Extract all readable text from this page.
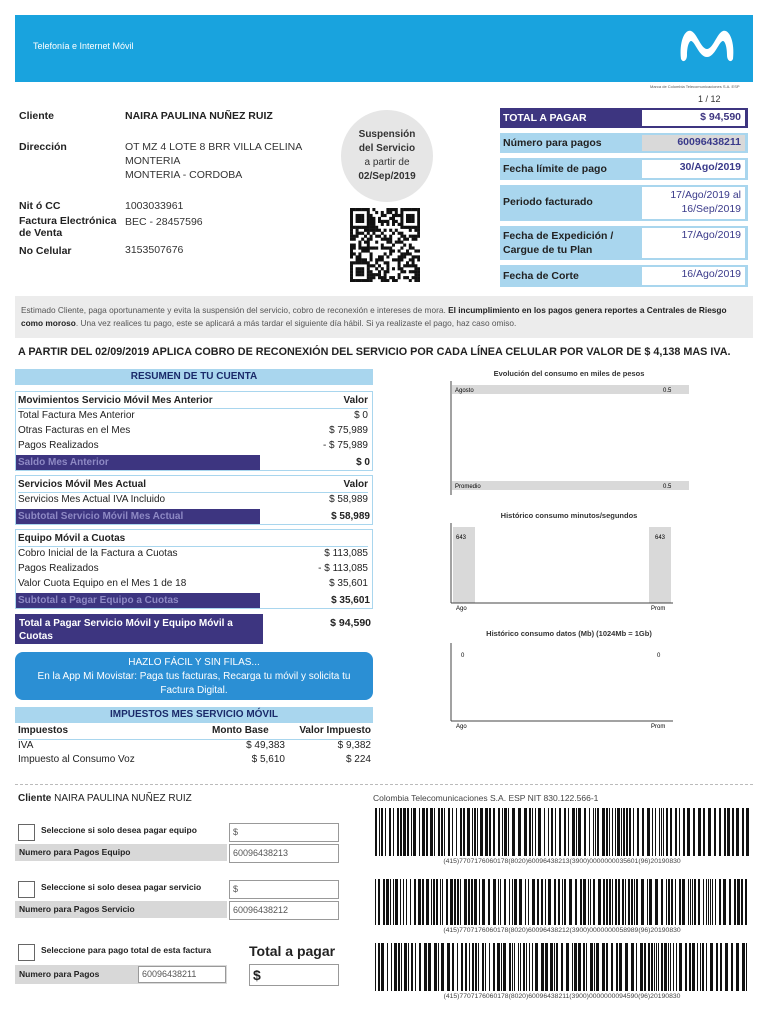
Telefonía e Internet Móvil
Marca de Colombia Telecomunicaciones S.A. ESP
1 / 12
Cliente	NAIRA PAULINA NUÑEZ RUIZ
Dirección	OT MZ 4 LOTE 8 BRR VILLA CELINA
MONTERIA
MONTERIA - CORDOBA
Nit ó CC	1003033961
Factura Electrónica de Venta
BEC - 28457596
No Celular	3153507676
Suspensión
del Servicio
a partir de
02/Sep/2019
TOTAL A PAGAR	$ 94,590
Número para pagos	60096438211
Fecha límite de pago	30/Ago/2019
Periodo facturado
17/Ago/2019 al
16/Sep/2019
Fecha de Expedición /
Cargue de tu Plan
17/Ago/2019
Fecha de Corte	16/Ago/2019
Estimado Cliente, paga oportunamente y evita la suspensión del servicio, cobro de reconexión e intereses de mora. El incumplimiento en los pagos genera reportes a Centrales de Riesgo como moroso. Una vez realices tu pago, este se aplicará a más tardar el siguiente día hábil. Si ya realizaste el pago, haz caso omiso.
A PARTIR DEL 02/09/2019 APLICA COBRO DE RECONEXIÓN DEL SERVICIO POR CADA LÍNEA CELULAR POR VALOR DE $ 4,138 MAS IVA.
RESUMEN DE TU CUENTA
Movimientos Servicio Móvil Mes Anterior	Valor
Total Factura Mes Anterior	$ 0
Otras Facturas en el Mes	$ 75,989
Pagos Realizados	- $ 75,989
Saldo Mes Anterior	$ 0
Servicios Móvil Mes Actual	Valor
Servicios Mes Actual IVA Incluido	$ 58,989
Subtotal Servicio Móvil Mes Actual	$ 58,989
Equipo Móvil a Cuotas
Cobro Inicial de la Factura a Cuotas	$ 113,085
Pagos Realizados	- $ 113,085
Valor Cuota Equipo en el Mes 1 de 18	$ 35,601
Subtotal a Pagar Equipo a Cuotas	$ 35,601
Total a Pagar Servicio Móvil y Equipo Móvil a Cuotas
$ 94,590
HAZLO FÁCIL Y SIN FILAS...
En la App Mi Movistar: Paga tus facturas, Recarga tu móvil y solicita tu Factura Digital.
IMPUESTOS MES SERVICIO MÓVIL
Impuestos	Monto Base	Valor Impuesto
IVA	$ 49,383	$ 9,382
Impuesto al Consumo Voz	$ 5,610	$ 224
Evolución del consumo en miles de pesos
Agosto
Promedio
0.5
0.5
Histórico consumo minutos/segundos
643	643
Ago	Prom
Histórico consumo datos (Mb) (1024Mb = 1Gb)
0	0
Ago	Prom
Cliente NAIRA PAULINA NUÑEZ RUIZ	Colombia Telecomunicaciones S.A. ESP NIT 830.122.566-1
Seleccione si solo desea pagar equipo	$
Numero para Pagos Equipo	60096438213
Seleccione si solo desea pagar servicio	$
Numero para Pagos Servicio	60096438212
Seleccione para pago total de esta factura	Total a pagar
Numero para Pagos	60096438211	$
(415)7707176060178(8020)60096438213(3900)0000000035601(96)20190830
(415)7707176060178(8020)60096438212(3900)0000000058989(96)20190830
(415)7707176060178(8020)60096438211(3900)0000000094590(96)20190830
